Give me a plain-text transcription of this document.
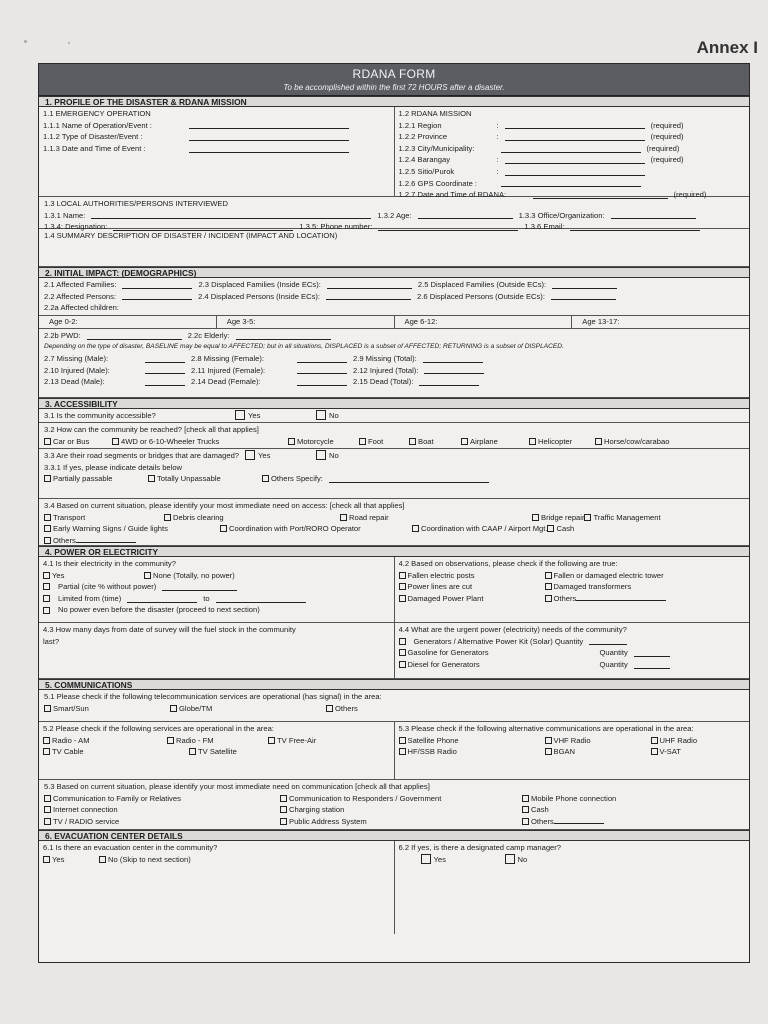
Annex I
RDANA FORM
To be accomplished within the first 72 HOURS after a disaster.
1. PROFILE OF THE DISASTER & RDANA MISSION
1.1 EMERGENCY OPERATION
1.1.1 Name of Operation/Event :
1.1.2 Type of Disaster/Event :
1.1.3 Date and Time of Event :
1.2 RDANA MISSION
1.2.1 Region	:	(required)
1.2.2 Province	:	(required)
1.2.3 City/Municipality:	(required)
1.2.4 Barangay	:	(required)
1.2.5 Sitio/Purok	:
1.2.6 GPS Coordinate :
1.2.7 Date and Time of RDANA:	(required)
1.3 LOCAL AUTHORITIES/PERSONS INTERVIEWED
1.3.1 Name:	1.3.2 Age:	1.3.3 Office/Organization:
1.3.4: Designation:	1.3.5: Phone number:	1.3.6 Email:
1.4 SUMMARY DESCRIPTION OF DISASTER / INCIDENT (IMPACT AND LOCATION)
2. INITIAL IMPACT: (DEMOGRAPHICS)
2.1 Affected Families:	2.3 Displaced Families (Inside ECs):	2.5 Displaced Families (Outside ECs):
2.2 Affected Persons:	2.4 Displaced Persons (Inside ECs):	2.6 Displaced Persons (Outside ECs):
2.2a Affected children:
Age 0-2:	Age 3-5:	Age 6-12:	Age 13-17:
2.2b PWD:	2.2c Elderly:
Depending on the type of disaster, BASELINE may be equal to AFFECTED; but in all situations, DISPLACED is a subset of AFFECTED; RETURNING is a subset of DISPLACED.
2.7 Missing (Male):	2.8 Missing (Female):	2.9 Missing (Total):
2.10 Injured (Male):	2.11 Injured (Female):	2.12 Injured (Total):
2.13 Dead (Male):	2.14 Dead (Female):	2.15 Dead (Total):
3. ACCESSIBILITY
3.1 Is the community accessible?	Yes	No
3.2 How can the community be reached? [check all that applies]
Car or Bus	4WD or 6-10-Wheeler Trucks	Motorcycle	Foot	Boat	Airplane	Helicopter	Horse/cow/carabao
3.3 Are their road segments or bridges that are damaged?	Yes	No
3.3.1 If yes, please indicate details below
Partially passable	Totally Unpassable	Others Specify:
3.4 Based on current situation, please identify your most immediate need on access: [check all that applies]
Transport	Debris clearing	Road repair	Bridge repair	Traffic Management
Early Warning Signs / Guide lights	Coordination with Port/RORO Operator	Coordination with CAAP / Airport Mgt.	Cash
Others
4. POWER OR ELECTRICITY
4.1 Is their electricity in the community?
Yes	None (Totally, no power)
Partial (cite % without power)
Limited from (time)	to
No power even before the disaster (proceed to next section)
4.2 Based on observations, please check if the following are true:
Fallen electric posts	Fallen or damaged electric tower
Power lines are cut	Damaged transformers
Damaged Power Plant	Others
4.3 How many days from date of survey will the fuel stock in the community last?
4.4 What are the urgent power (electricity) needs of the community?
Generators / Alternative Power Kit (Solar) Quantity
Gasoline for Generators	Quantity
Diesel for Generators	Quantity
5. COMMUNICATIONS
5.1 Please check if the following telecommunication services are operational (has signal) in the area:
Smart/Sun	Globe/TM	Others
5.2 Please check if the following services are operational in the area:
Radio - AM	Radio - FM	TV Free-Air
TV Cable	TV Satellite
5.3 Please check if the following alternative communications are operational in the area:
Satellite Phone	VHF Radio	UHF Radio
HF/SSB Radio	BGAN	V-SAT
5.3 Based on current situation, please identify your most immediate need on communication [check all that applies]
Communication to Family or Relatives	Communication to Responders / Government	Mobile Phone connection
Internet connection	Charging station	Cash
TV / RADIO service	Public Address System	Others
6. EVACUATION CENTER DETAILS
6.1 Is there an evacuation center in the community?
Yes	No (Skip to next section)
6.2 If yes, is there a designated camp manager?
Yes	No
